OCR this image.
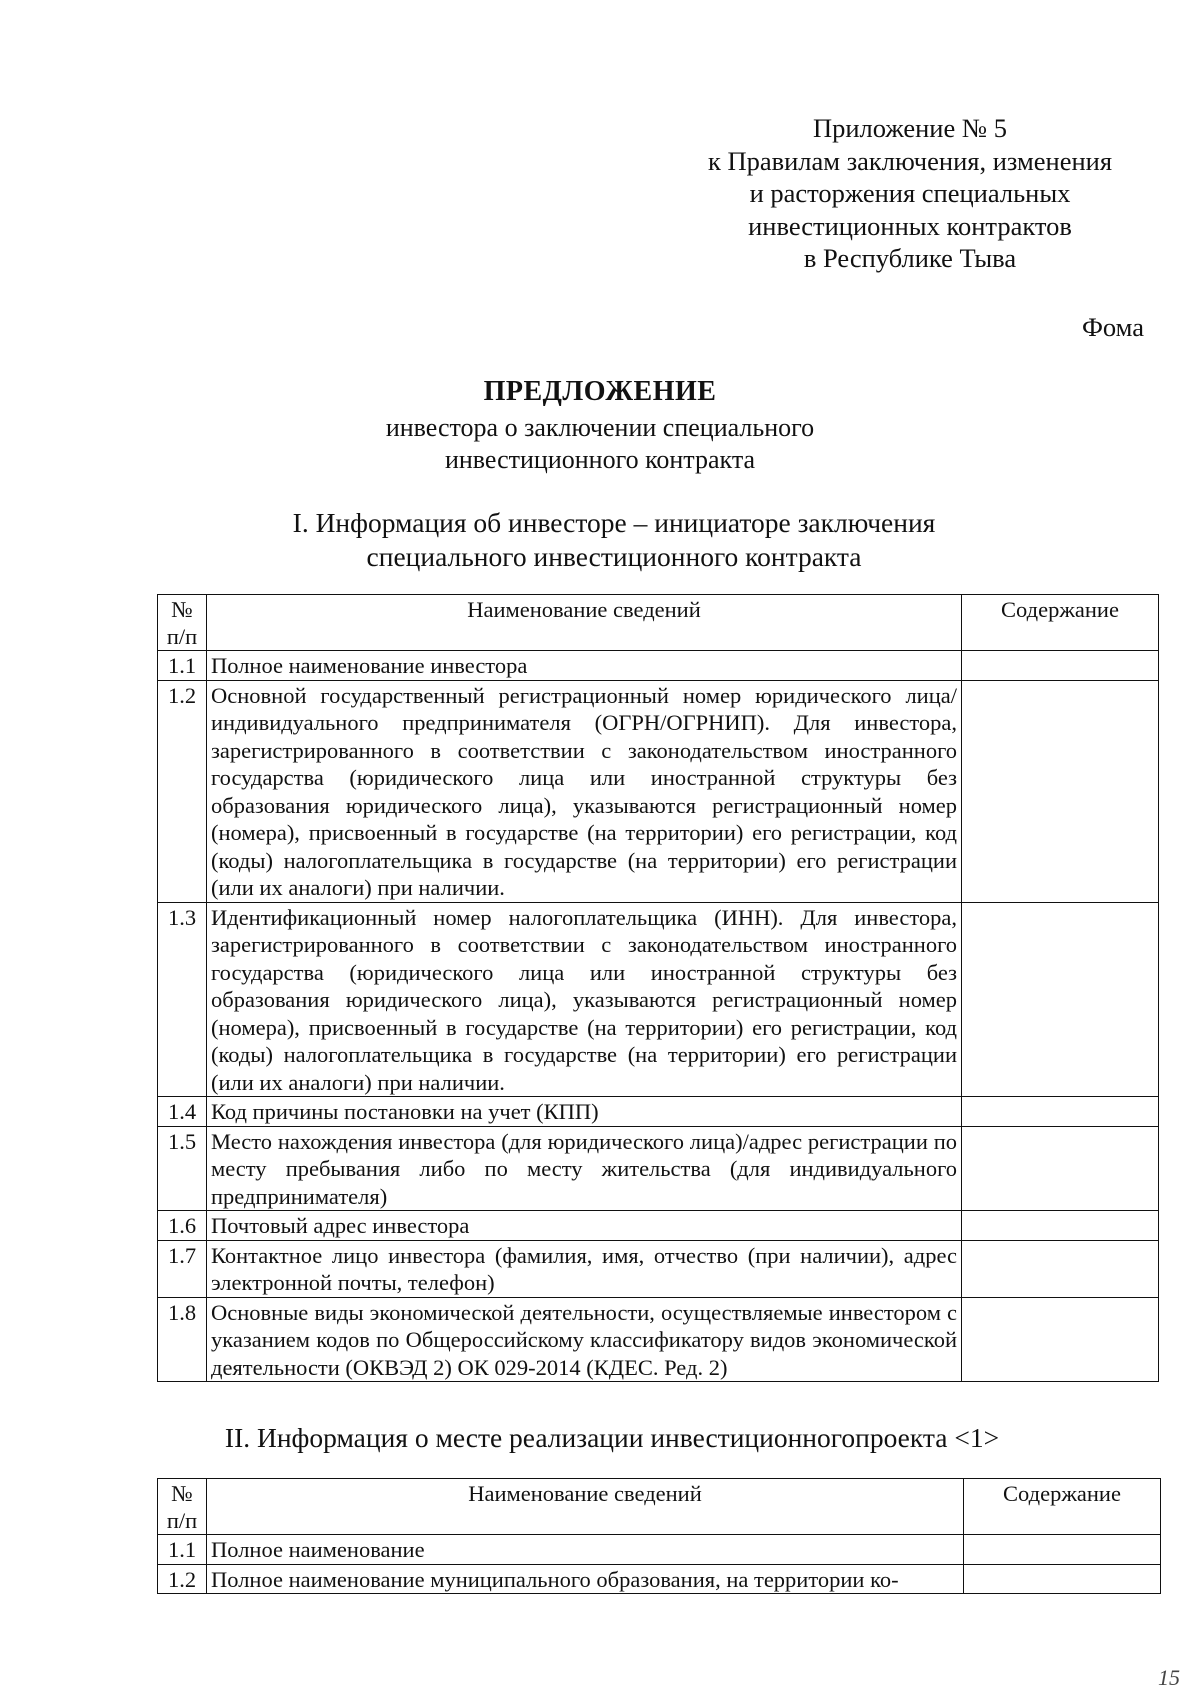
Приложение № 5
к Правилам заключения, изменения
и расторжения специальных
инвестиционных контрактов
в Республике Тыва
Фома
ПРЕДЛОЖЕНИЕ
инвестора о заключении специального
инвестиционного контракта
I. Информация об инвесторе – инициаторе заключения
специального инвестиционного контракта
№
п/п	Наименование сведений	Содержание
1.1	Полное наименование инвестора	
1.2	Основной государственный регистрационный номер юридического лица/индивидуального предпринимателя (ОГРН/ОГРНИП). Для инвестора, зарегистрированного в соответствии с законодательством иностранного государства (юридического лица или иностранной структуры без образования юридического лица), указываются регистрационный номер (номера), присвоенный в государстве (на территории) его регистрации, код (коды) налогоплательщика в государстве (на территории) его регистрации (или их аналоги) при наличии.	
1.3	Идентификационный номер налогоплательщика (ИНН). Для инвестора, зарегистрированного в соответствии с законодательством иностранного государства (юридического лица или иностранной структуры без образования юридического лица), указываются регистрационный номер (номера), присвоенный в государстве (на территории) его регистрации, код (коды) налогоплательщика в государстве (на территории) его регистрации (или их аналоги) при наличии.	
1.4	Код причины постановки на учет (КПП)	
1.5	Место нахождения инвестора (для юридического лица)/адрес регистрации по месту пребывания либо по месту жительства (для индивидуального предпринимателя)	
1.6	Почтовый адрес инвестора	
1.7	Контактное лицо инвестора (фамилия, имя, отчество (при наличии), адрес электронной почты, телефон)	
1.8	Основные виды экономической деятельности, осуществляемые инвестором с указанием кодов по Общероссийскому классификатору видов экономической деятельности (ОКВЭД 2) ОК 029-2014 (КДЕС. Ред. 2)	
II. Информация о месте реализации инвестиционногопроекта <1>
№
п/п	Наименование сведений	Содержание
1.1	Полное наименование	
1.2	Полное наименование муниципального образования, на территории ко-	
15
